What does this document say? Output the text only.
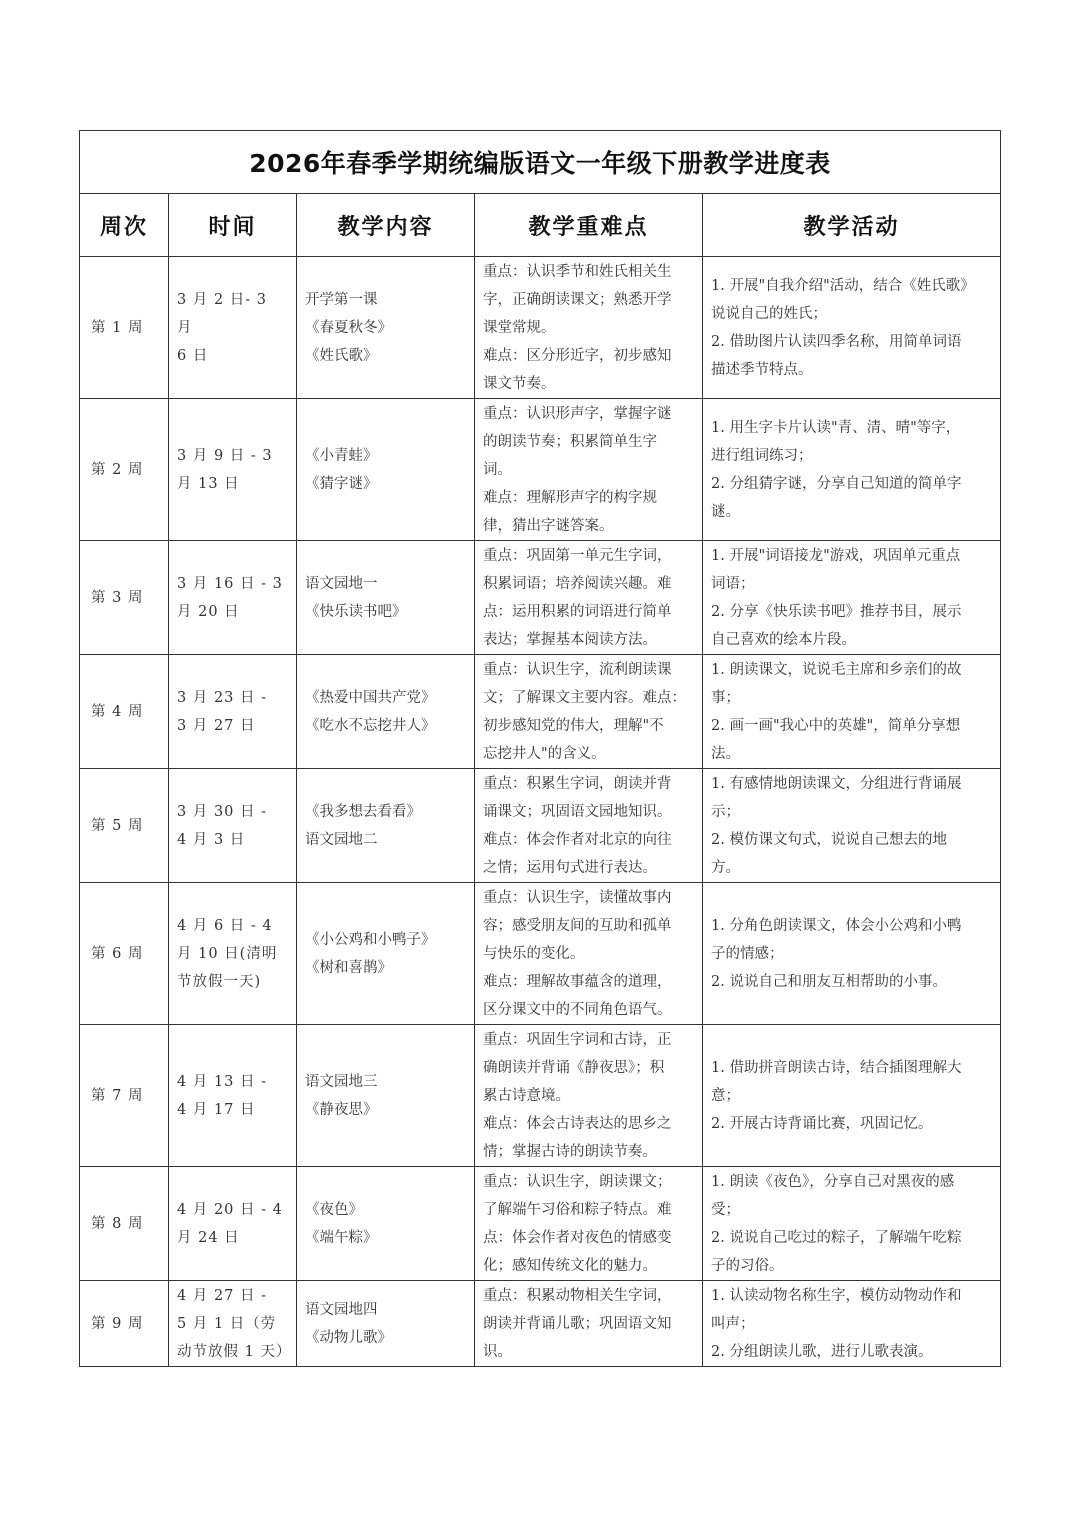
2026年春季学期统编版语文一年级下册教学进度表				
周次	时间	教学内容	教学重难点	教学活动
第 1 周	3 月 2 日- 3 月
6 日	开学第一课
《春夏秋冬》
《姓氏歌》	重点：认识季节和姓氏相关生
字，正确朗读课文；熟悉开学
课堂常规。
难点：区分形近字，初步感知
课文节奏。	1. 开展"自我介绍"活动，结合《姓氏歌》
说说自己的姓氏；
2. 借助图片认读四季名称，用简单词语
描述季节特点。

第 2 周	3 月 9 日 - 3
月 13 日	《小青蛙》
《猜字谜》	重点：认识形声字，掌握字谜
的朗读节奏；积累简单生字
词。
难点：理解形声字的构字规
律，猜出字谜答案。	1. 用生字卡片认读"青、清、晴"等字，
进行组词练习；
2. 分组猜字谜，分享自己知道的简单字
谜。

第 3 周	3 月 16 日 - 3
月 20 日	语文园地一
《快乐读书吧》	重点：巩固第一单元生字词，
积累词语；培养阅读兴趣。难
点：运用积累的词语进行简单
表达；掌握基本阅读方法。	1. 开展"词语接龙"游戏，巩固单元重点
词语；
2. 分享《快乐读书吧》推荐书目，展示
自己喜欢的绘本片段。

第 4 周	3 月 23 日 -
3 月 27 日	《热爱中国共产党》
《吃水不忘挖井人》	重点：认识生字，流利朗读课
文；了解课文主要内容。难点：
初步感知党的伟大，理解"不
忘挖井人"的含义。	1. 朗读课文，说说毛主席和乡亲们的故
事；
2. 画一画"我心中的英雄"，简单分享想
法。

第 5 周	3 月 30 日 -
4 月 3 日	《我多想去看看》
语文园地二	重点：积累生字词，朗读并背
诵课文；巩固语文园地知识。
难点：体会作者对北京的向往
之情；运用句式进行表达。	1. 有感情地朗读课文，分组进行背诵展
示；
2. 模仿课文句式，说说自己想去的地
方。

第 6 周	4 月 6 日 - 4
月 10 日(清明
节放假一天)	《小公鸡和小鸭子》
《树和喜鹊》	重点：认识生字，读懂故事内
容；感受朋友间的互助和孤单
与快乐的变化。
难点：理解故事蕴含的道理，
区分课文中的不同角色语气。	1. 分角色朗读课文，体会小公鸡和小鸭
子的情感；
2. 说说自己和朋友互相帮助的小事。

第 7 周	4 月 13 日 -
4 月 17 日	语文园地三
《静夜思》	重点：巩固生字词和古诗，正
确朗读并背诵《静夜思》；积
累古诗意境。
难点：体会古诗表达的思乡之
情；掌握古诗的朗读节奏。	1. 借助拼音朗读古诗，结合插图理解大
意；
2. 开展古诗背诵比赛，巩固记忆。

第 8 周	4 月 20 日 - 4
月 24 日	《夜色》
《端午粽》	重点：认识生字，朗读课文；
了解端午习俗和粽子特点。难
点：体会作者对夜色的情感变
化；感知传统文化的魅力。	1. 朗读《夜色》，分享自己对黑夜的感
受；
2. 说说自己吃过的粽子，了解端午吃粽
子的习俗。

第 9 周	4 月 27 日 -
5 月 1 日（劳
动节放假 1 天）	语文园地四
《动物儿歌》	重点：积累动物相关生字词，
朗读并背诵儿歌；巩固语文知
识。	1. 认读动物名称生字，模仿动物动作和
叫声；
2. 分组朗读儿歌，进行儿歌表演。
